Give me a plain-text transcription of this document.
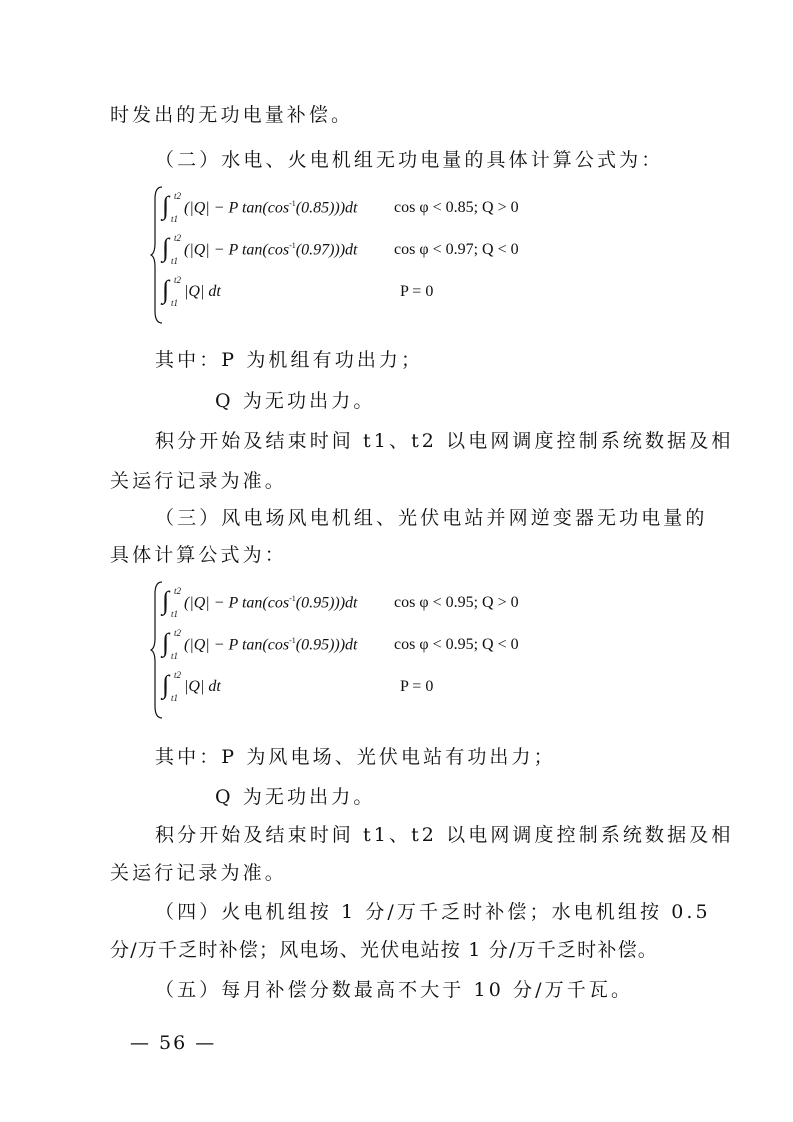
时发出的无功电量补偿。
（二）水电、火电机组无功电量的具体计算公式为：
∫ t2
t1
(|Q| − P $\tan(\cos^{-1}(0.85)))dt$ cos φ < 0.85; Q > 0
∫ t2
t1
(|Q| − P $\tan(\cos^{-1}(0.97)))dt$ cos φ < 0.97; Q < 0
∫ t2
t1
|Q| dt	P = 0
其中：P 为机组有功出力；
Q 为无功出力。
积分开始及结束时间 t1、t2 以电网调度控制系统数据及相
关运行记录为准。
（三）风电场风电机组、光伏电站并网逆变器无功电量的
具体计算公式为：
∫ t2
t1
(|Q| − P $\tan(\cos^{-1}(0.95)))dt$ cos φ < 0.95; Q > 0
∫ t2
t1
(|Q| − P $\tan(\cos^{-1}(0.95)))dt$ cos φ < 0.95; Q < 0
∫ t2
t1
|Q| dt	P = 0
其中：P 为风电场、光伏电站有功出力；
Q 为无功出力。
积分开始及结束时间 t1、t2 以电网调度控制系统数据及相
关运行记录为准。
（四）火电机组按 1 分/万千乏时补偿；水电机组按 0.5
分/万千乏时补偿；风电场、光伏电站按 1 分/万千乏时补偿。
（五）每月补偿分数最高不大于 10 分/万千瓦。
— 56 —
